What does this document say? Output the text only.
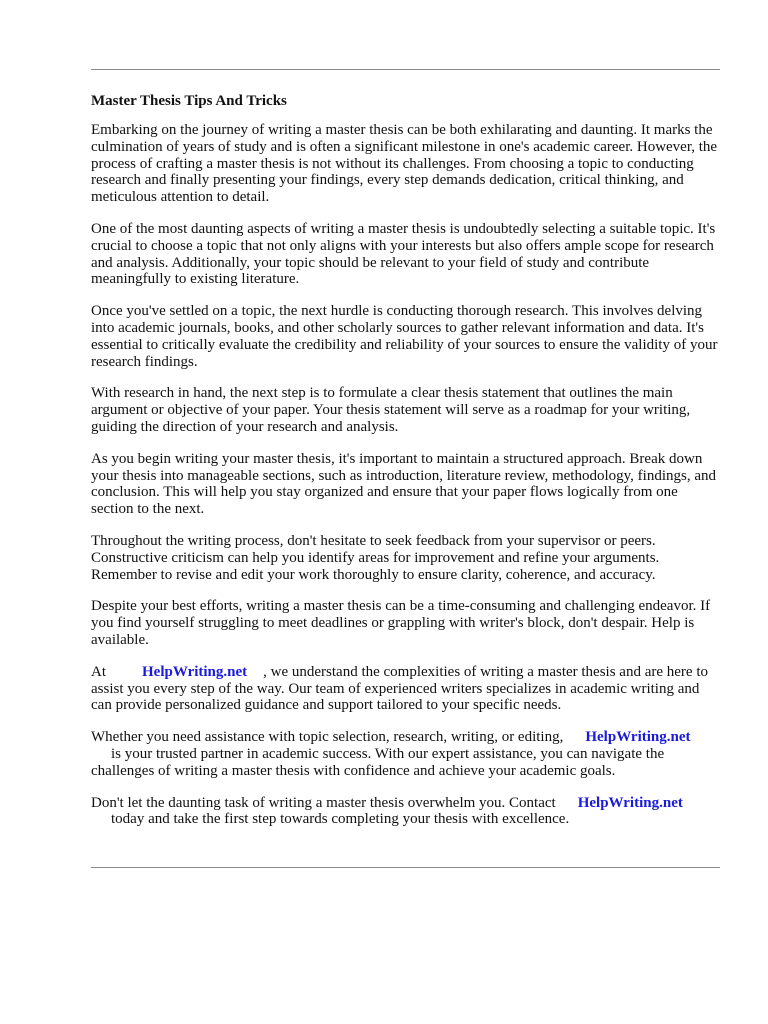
Master Thesis Tips And Tricks

Embarking on the journey of writing a master thesis can be both exhilarating and daunting. It marks the culmination of years of study and is often a significant milestone in one's academic career. However, the process of crafting a master thesis is not without its challenges. From choosing a topic to conducting research and finally presenting your findings, every step demands dedication, critical thinking, and meticulous attention to detail.

One of the most daunting aspects of writing a master thesis is undoubtedly selecting a suitable topic. It's crucial to choose a topic that not only aligns with your interests but also offers ample scope for research and analysis. Additionally, your topic should be relevant to your field of study and contribute meaningfully to existing literature.

Once you've settled on a topic, the next hurdle is conducting thorough research. This involves delving into academic journals, books, and other scholarly sources to gather relevant information and data. It's essential to critically evaluate the credibility and reliability of your sources to ensure the validity of your research findings.

With research in hand, the next step is to formulate a clear thesis statement that outlines the main argument or objective of your paper. Your thesis statement will serve as a roadmap for your writing, guiding the direction of your research and analysis.

As you begin writing your master thesis, it's important to maintain a structured approach. Break down your thesis into manageable sections, such as introduction, literature review, methodology, findings, and conclusion. This will help you stay organized and ensure that your paper flows logically from one section to the next.

Throughout the writing process, don't hesitate to seek feedback from your supervisor or peers. Constructive criticism can help you identify areas for improvement and refine your arguments. Remember to revise and edit your work thoroughly to ensure clarity, coherence, and accuracy.

Despite your best efforts, writing a master thesis can be a time-consuming and challenging endeavor. If you find yourself struggling to meet deadlines or grappling with writer's block, don't despair. Help is available.

At HelpWriting.net , we understand the complexities of writing a master thesis and are here to assist you every step of the way. Our team of experienced writers specializes in academic writing and can provide personalized guidance and support tailored to your specific needs.

Whether you need assistance with topic selection, research, writing, or editing, HelpWriting.net
is your trusted partner in academic success. With our expert assistance, you can navigate the challenges of writing a master thesis with confidence and achieve your academic goals.

Don't let the daunting task of writing a master thesis overwhelm you. Contact HelpWriting.net
today and take the first step towards completing your thesis with excellence.
